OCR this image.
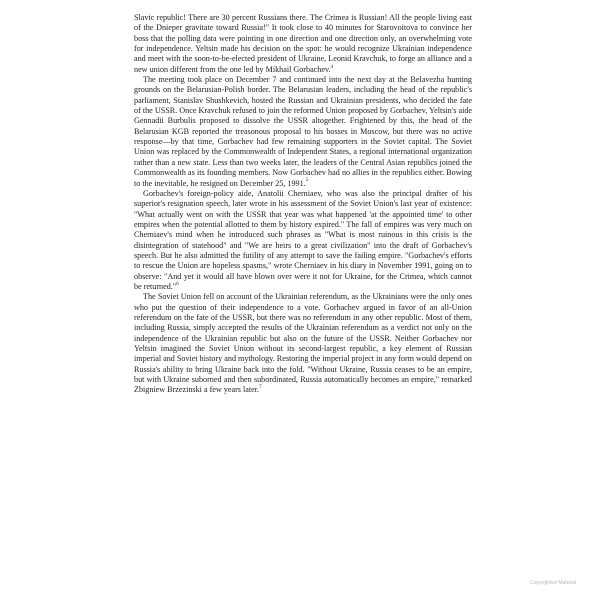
Slavic republic! There are 30 percent Russians there. The Crimea is Russian! All the people living east of the Dnieper gravitate toward Russia!" It took close to 40 minutes for Starovoitova to convince her boss that the polling data were pointing in one direction and one direction only, an overwhelming vote for independence. Yeltsin made his decision on the spot: he would recognize Ukrainian independence and meet with the soon-to-be-elected president of Ukraine, Leonid Kravchuk, to forge an alliance and a new union different from the one led by Mikhail Gorbachev.$^4$

The meeting took place on December 7 and continued into the next day at the Belavezha hunting grounds on the Belarusian-Polish border. The Belarusian leaders, including the head of the republic's parliament, Stanislav Shushkevich, hosted the Russian and Ukrainian presidents, who decided the fate of the USSR. Once Kravchuk refused to join the reformed Union proposed by Gorbachev, Yeltsin's aide Gennadii Burbulis proposed to dissolve the USSR altogether. Frightened by this, the head of the Belarusian KGB reported the treasonous proposal to his bosses in Moscow, but there was no active response—by that time, Gorbachev had few remaining supporters in the Soviet capital. The Soviet Union was replaced by the Commonwealth of Independent States, a regional international organization rather than a new state. Less than two weeks later, the leaders of the Central Asian republics joined the Commonwealth as its founding members. Now Gorbachev had no allies in the republics either. Bowing to the inevitable, he resigned on December 25, 1991.$^5$

Gorbachev's foreign-policy aide, Anatolii Cherniaev, who was also the principal drafter of his superior's resignation speech, later wrote in his assessment of the Soviet Union's last year of existence: "What actually went on with the USSR that year was what happened 'at the appointed time' to other empires when the potential allotted to them by history expired." The fall of empires was very much on Cherniaev's mind when he introduced such phrases as "What is most ruinous in this crisis is the disintegration of statehood" and "We are heirs to a great civilization" into the draft of Gorbachev's speech. But he also admitted the futility of any attempt to save the failing empire. "Gorbachev's efforts to rescue the Union are hopeless spasms," wrote Cherniaev in his diary in November 1991, going on to observe: "And yet it would all have blown over were it not for Ukraine, for the Crimea, which cannot be returned."$^6$

The Soviet Union fell on account of the Ukrainian referendum, as the Ukrainians were the only ones who put the question of their independence to a vote. Gorbachev argued in favor of an all-Union referendum on the fate of the USSR, but there was no referendum in any other republic. Most of them, including Russia, simply accepted the results of the Ukrainian referendum as a verdict not only on the independence of the Ukrainian republic but also on the future of the USSR. Neither Gorbachev nor Yeltsin imagined the Soviet Union without its second-largest republic, a key element of Russian imperial and Soviet history and mythology. Restoring the imperial project in any form would depend on Russia's ability to bring Ukraine back into the fold. "Without Ukraine, Russia ceases to be an empire, but with Ukraine suborned and then subordinated, Russia automatically becomes an empire," remarked Zbigniew Brzezinski a few years later.$^7$

Copyrighted Material
